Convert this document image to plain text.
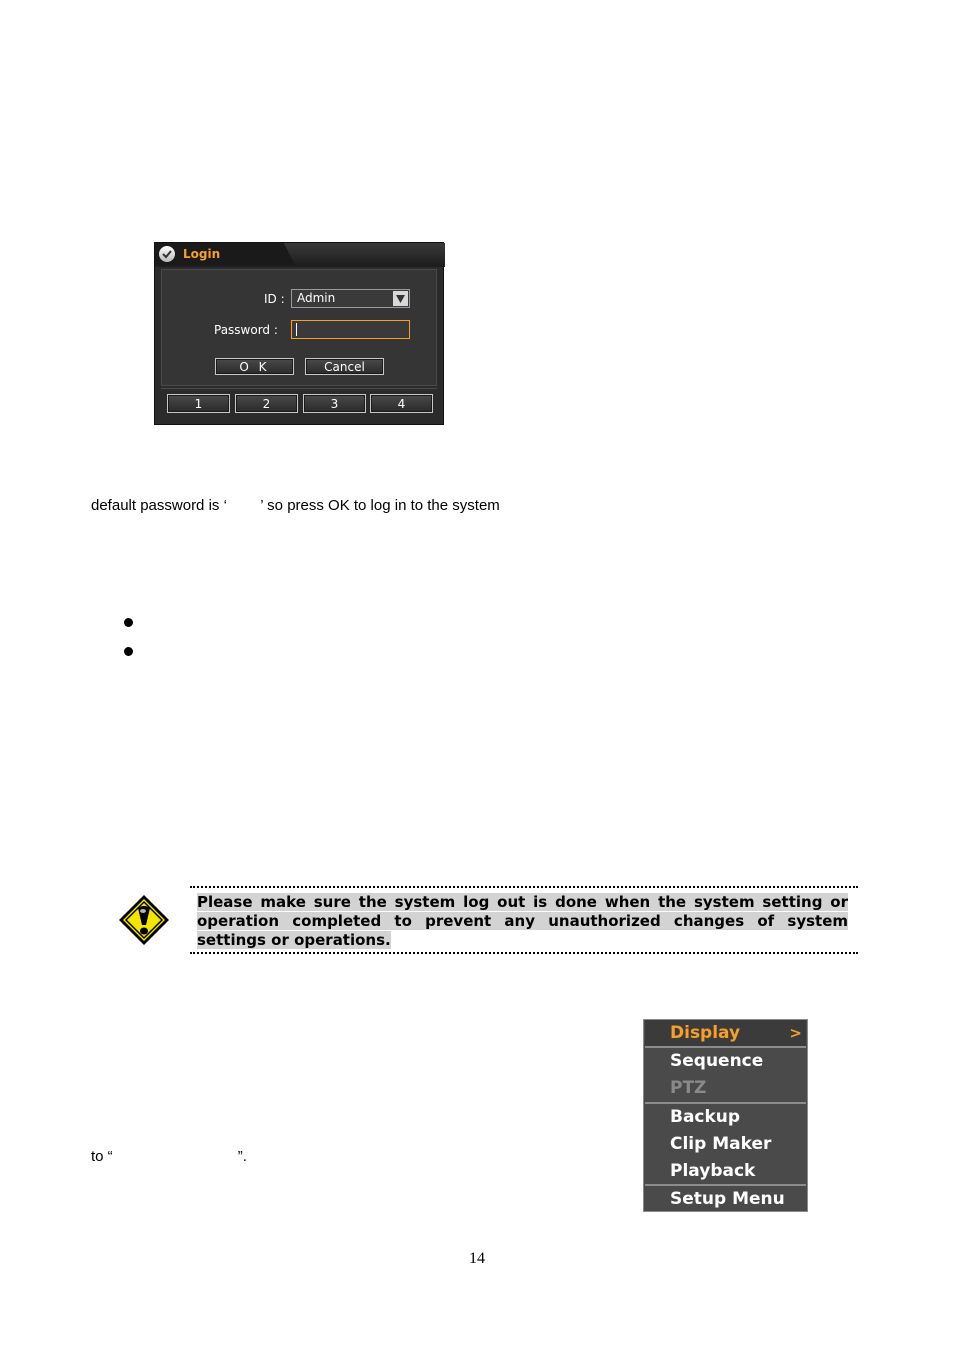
Login
ID :	Admin
Password :
O K	Cancel
1	2	3	4
default password is ‘        ’ so press OK to log in to the system
Please make sure the system log out is done when the system setting or operation completed to prevent any unauthorized changes of system settings or operations.
Display	>
Sequence
PTZ
Backup
Clip Maker
Playback
Setup Menu
to “                              ”.
14
